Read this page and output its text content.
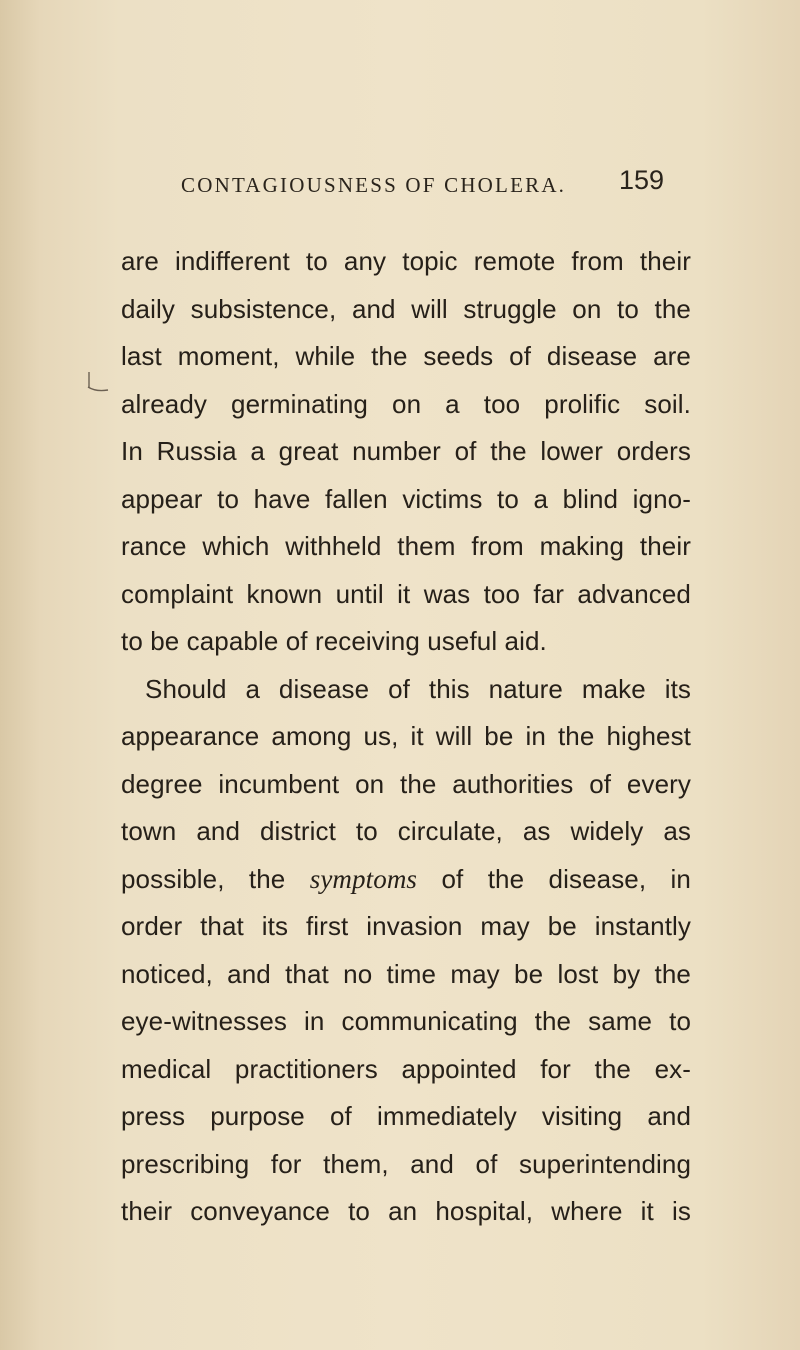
CONTAGIOUSNESS OF CHOLERA. 159
are indifferent to any topic remote from their
daily subsistence, and will struggle on to the
last moment, while the seeds of disease are
already germinating on a too prolific soil.
In Russia a great number of the lower orders
appear to have fallen victims to a blind igno-
rance which withheld them from making their
complaint known until it was too far advanced
to be capable of receiving useful aid.
Should a disease of this nature make its
appearance among us, it will be in the highest
degree incumbent on the authorities of every
town and district to circulate, as widely as
possible, the symptoms of the disease, in
order that its first invasion may be instantly
noticed, and that no time may be lost by the
eye-witnesses in communicating the same to
medical practitioners appointed for the ex-
press purpose of immediately visiting and
prescribing for them, and of superintending
their conveyance to an hospital, where it is
